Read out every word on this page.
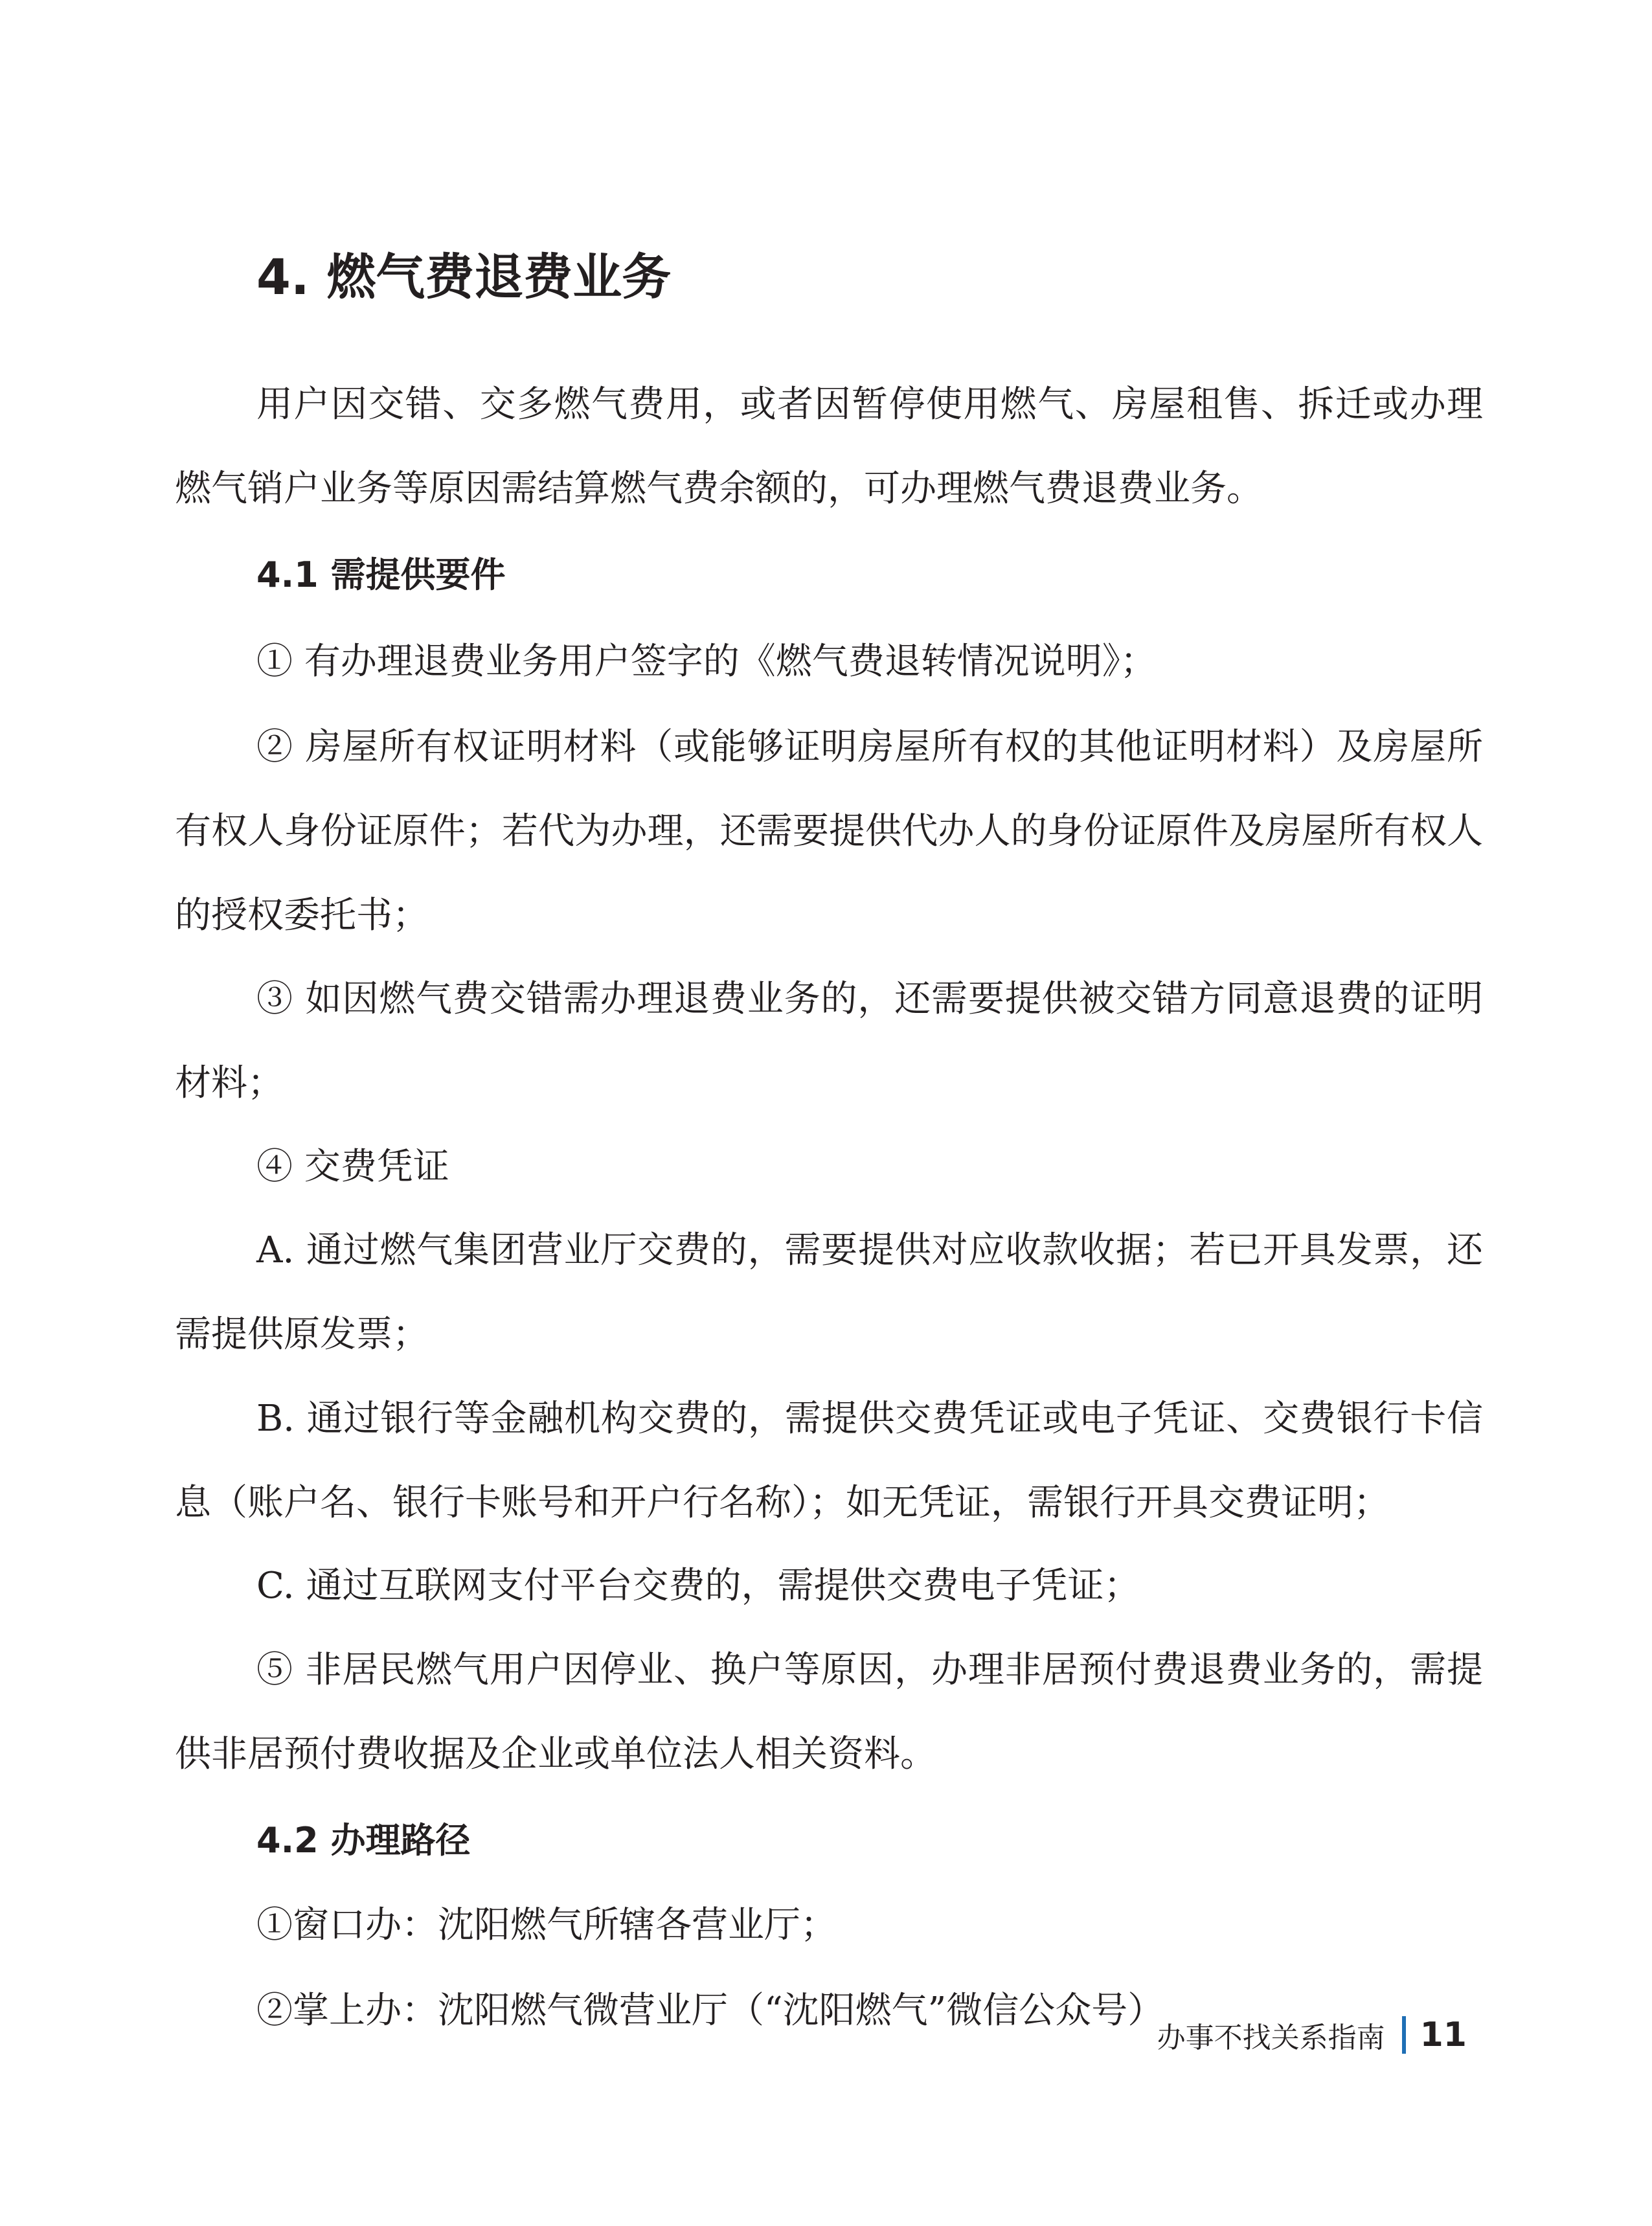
4. 燃气费退费业务

用户因交错、交多燃气费用，或者因暂停使用燃气、房屋租售、拆迁或办理燃气销户业务等原因需结算燃气费余额的，可办理燃气费退费业务。

4.1 需提供要件

① 有办理退费业务用户签字的《燃气费退转情况说明》；

② 房屋所有权证明材料（或能够证明房屋所有权的其他证明材料）及房屋所有权人身份证原件；若代为办理，还需要提供代办人的身份证原件及房屋所有权人的授权委托书；

③ 如因燃气费交错需办理退费业务的，还需要提供被交错方同意退费的证明材料；

④ 交费凭证

A. 通过燃气集团营业厅交费的，需要提供对应收款收据；若已开具发票，还需提供原发票；

B. 通过银行等金融机构交费的，需提供交费凭证或电子凭证、交费银行卡信息（账户名、银行卡账号和开户行名称）；如无凭证，需银行开具交费证明；

C. 通过互联网支付平台交费的，需提供交费电子凭证；

⑤ 非居民燃气用户因停业、换户等原因，办理非居预付费退费业务的，需提供非居预付费收据及企业或单位法人相关资料。

4.2 办理路径

①窗口办：沈阳燃气所辖各营业厅；

②掌上办：沈阳燃气微营业厅（“沈阳燃气”微信公众号）

办事不找关系指南 11
